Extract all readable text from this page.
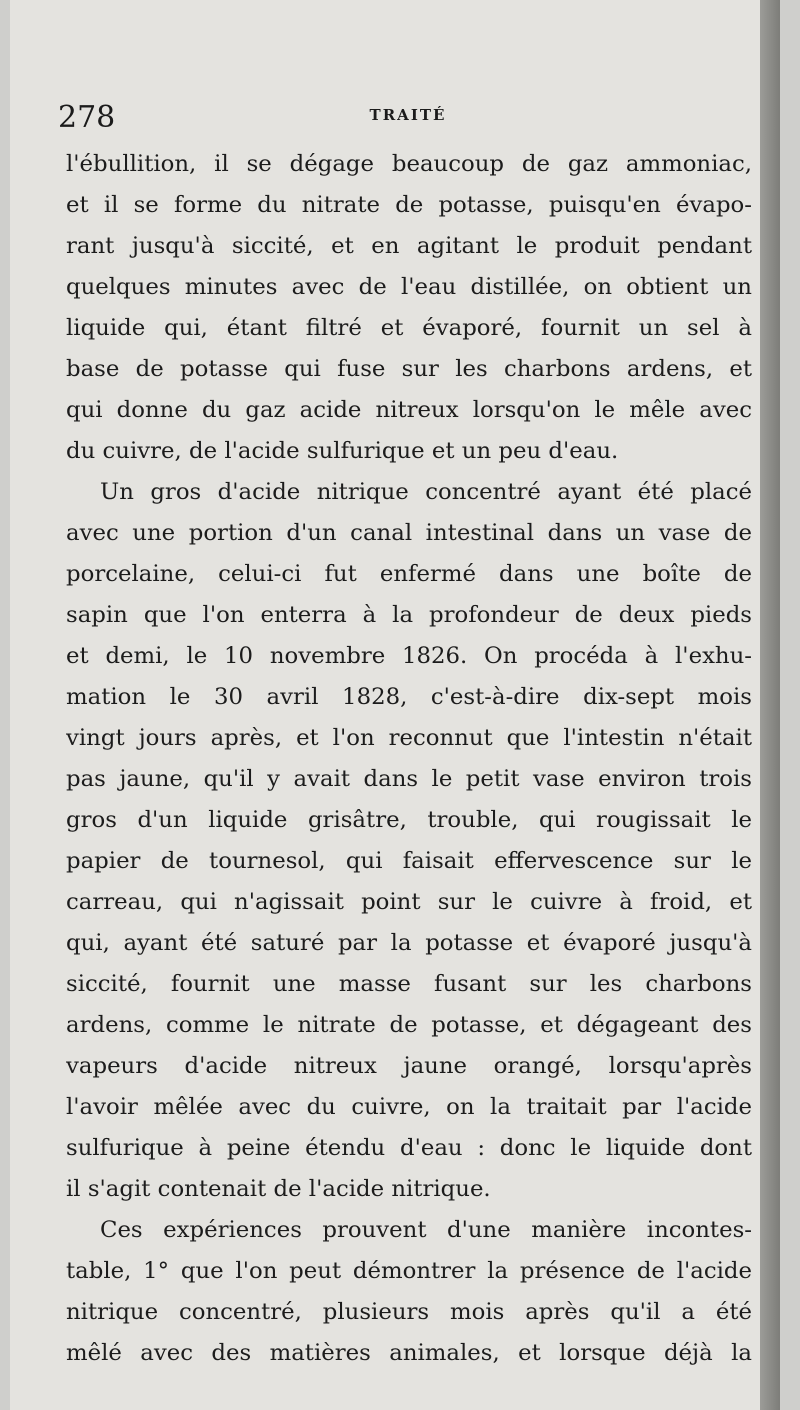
278	TRAITÉ
l'ébullition, il se dégage beaucoup de gaz ammoniac,
et il se forme du nitrate de potasse, puisqu'en évapo-
rant jusqu'à siccité, et en agitant le produit pendant
quelques minutes avec de l'eau distillée, on obtient un
liquide qui, étant filtré et évaporé, fournit un sel à
base de potasse qui fuse sur les charbons ardens, et
qui donne du gaz acide nitreux lorsqu'on le mêle avec
du cuivre, de l'acide sulfurique et un peu d'eau.
Un gros d'acide nitrique concentré ayant été placé
avec une portion d'un canal intestinal dans un vase de
porcelaine, celui-ci fut enfermé dans une boîte de
sapin que l'on enterra à la profondeur de deux pieds
et demi, le 10 novembre 1826. On procéda à l'exhu-
mation le 30 avril 1828, c'est-à-dire dix-sept mois
vingt jours après, et l'on reconnut que l'intestin n'était
pas jaune, qu'il y avait dans le petit vase environ trois
gros d'un liquide grisâtre, trouble, qui rougissait le
papier de tournesol, qui faisait effervescence sur le
carreau, qui n'agissait point sur le cuivre à froid, et
qui, ayant été saturé par la potasse et évaporé jusqu'à
siccité, fournit une masse fusant sur les charbons
ardens, comme le nitrate de potasse, et dégageant des
vapeurs d'acide nitreux jaune orangé, lorsqu'après
l'avoir mêlée avec du cuivre, on la traitait par l'acide
sulfurique à peine étendu d'eau : donc le liquide dont
il s'agit contenait de l'acide nitrique.
Ces expériences prouvent d'une manière incontes-
table, 1° que l'on peut démontrer la présence de l'acide
nitrique concentré, plusieurs mois après qu'il a été
mêlé avec des matières animales, et lorsque déjà la
